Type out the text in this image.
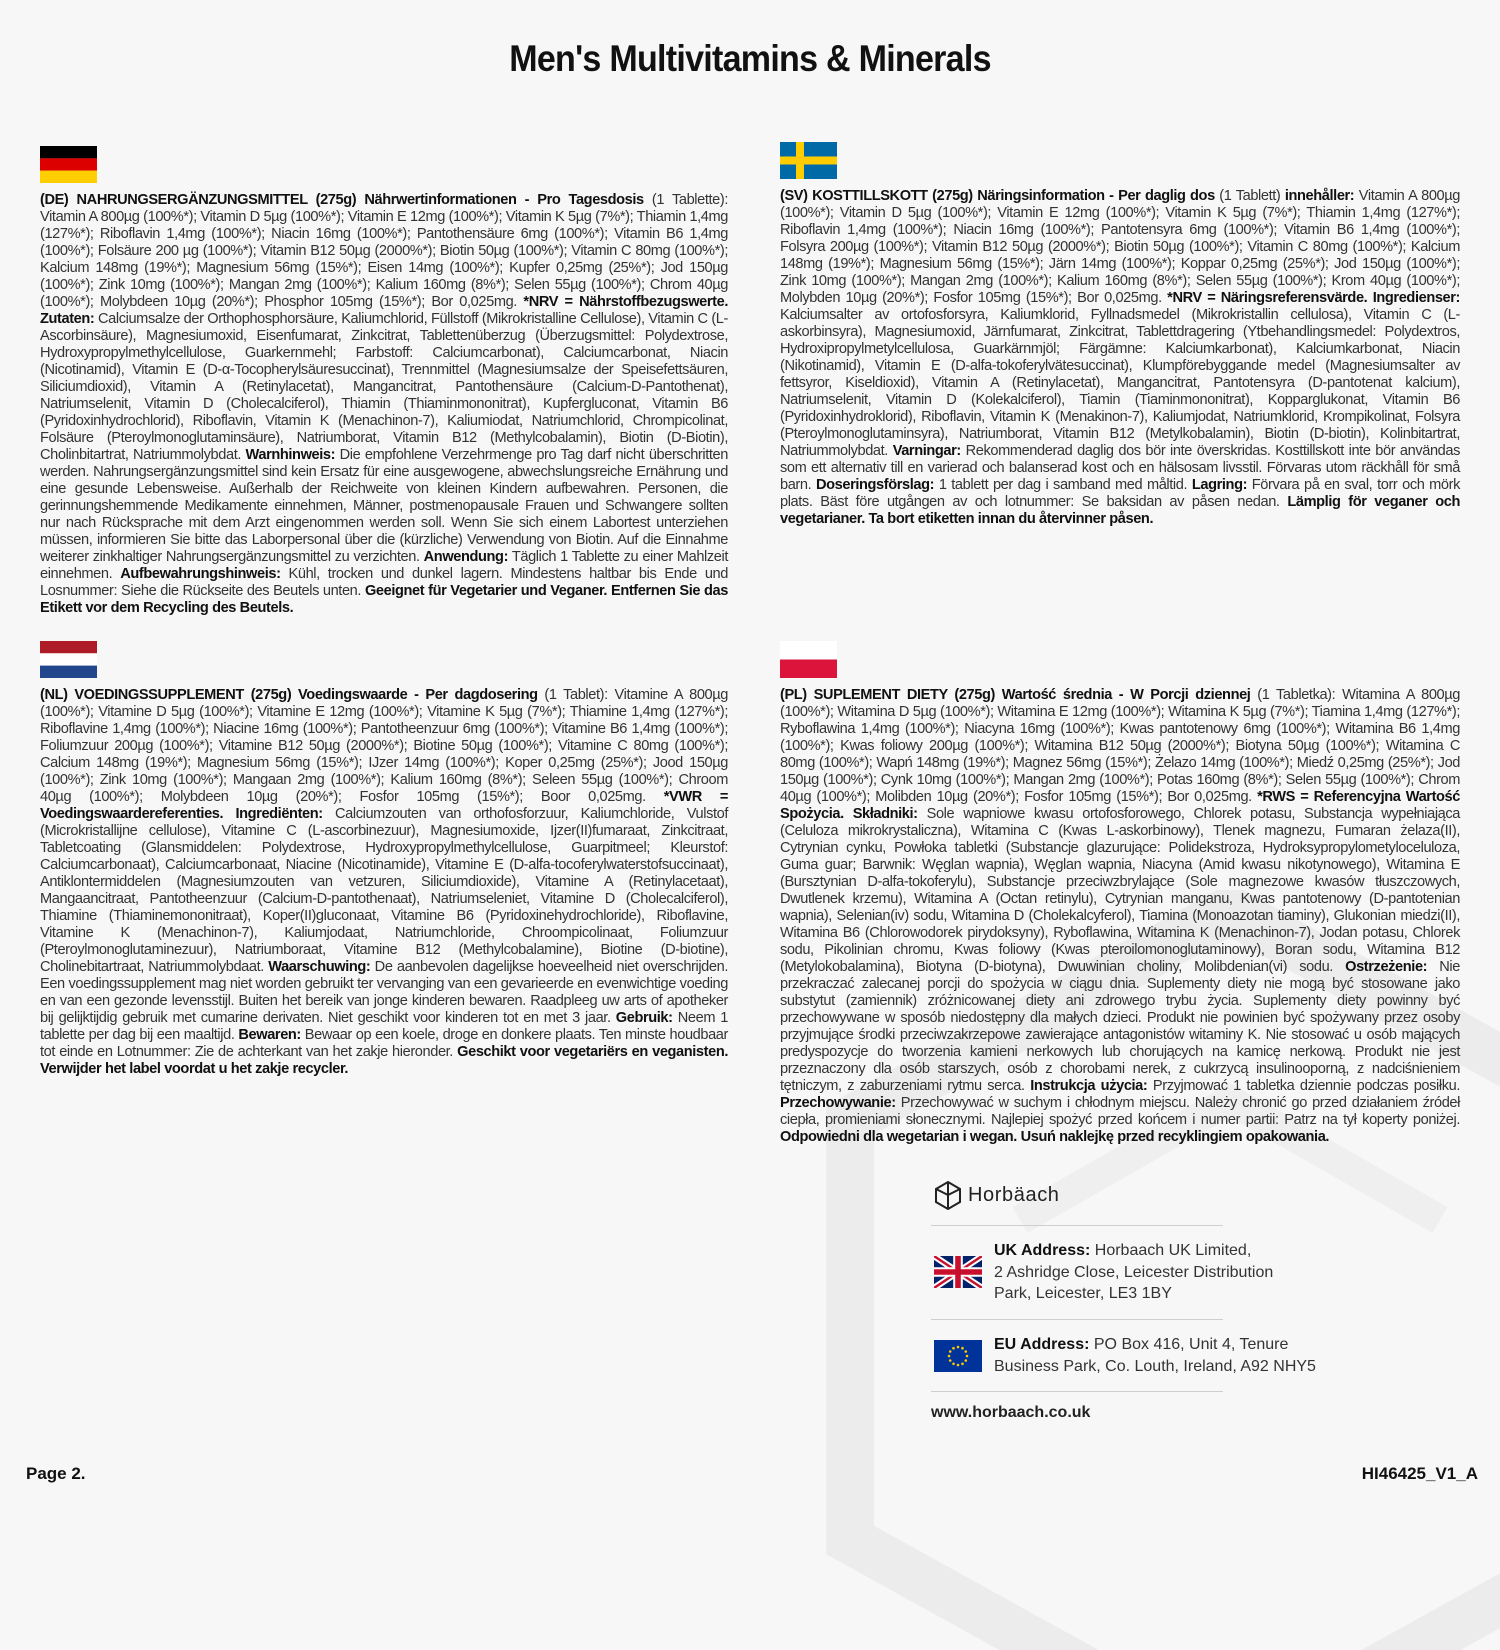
Men's Multivitamins & Minerals
(DE) NAHRUNGSERGÄNZUNGSMITTEL (275g) Nährwertinformationen - Pro Tagesdosis (1 Tablette): Vitamin A 800µg (100%*); Vitamin D 5µg (100%*); Vitamin E 12mg (100%*); Vitamin K 5µg (7%*); Thiamin 1,4mg (127%*); Riboflavin 1,4mg (100%*); Niacin 16mg (100%*); Pantothensäure 6mg (100%*); Vitamin B6 1,4mg (100%*); Folsäure 200 µg (100%*); Vitamin B12 50µg (2000%*); Biotin 50µg (100%*); Vitamin C 80mg (100%*); Kalcium 148mg (19%*); Magnesium 56mg (15%*); Eisen 14mg (100%*); Kupfer 0,25mg (25%*); Jod 150µg (100%*); Zink 10mg (100%*); Mangan 2mg (100%*); Kalium 160mg (8%*); Selen 55µg (100%*); Chrom 40µg (100%*); Molybdeen 10µg (20%*); Phosphor 105mg (15%*); Bor 0,025mg. *NRV = Nährstoffbezugswerte. Zutaten: Calciumsalze der Orthophosphorsäure, Kaliumchlorid, Füllstoff (Mikrokristalline Cellulose), Vitamin C (L-Ascorbinsäure), Magnesiumoxid, Eisenfumarat, Zinkcitrat, Tablettenüberzug (Überzugsmittel: Polydextrose, Hydroxypropylmethylcellulose, Guarkernmehl; Farbstoff: Calciumcarbonat), Calciumcarbonat, Niacin (Nicotinamid), Vitamin E (D-α-Tocopherylsäuresuccinat), Trennmittel (Magnesiumsalze der Speisefettsäuren, Siliciumdioxid), Vitamin A (Retinylacetat), Mangancitrat, Pantothensäure (Calcium-D-Pantothenat), Natriumselenit, Vitamin D (Cholecalciferol), Thiamin (Thiaminmononitrat), Kupfergluconat, Vitamin B6 (Pyridoxinhydrochlorid), Riboflavin, Vitamin K (Menachinon-7), Kaliumiodat, Natriumchlorid, Chrompicolinat, Folsäure (Pteroylmonoglutaminsäure), Natriumborat, Vitamin B12 (Methylcobalamin), Biotin (D-Biotin), Cholinbitartrat, Natriummolybdat. Warnhinweis: Die empfohlene Verzehrmenge pro Tag darf nicht überschritten werden. Nahrungsergänzungsmittel sind kein Ersatz für eine ausgewogene, abwechslungsreiche Ernährung und eine gesunde Lebensweise. Außerhalb der Reichweite von kleinen Kindern aufbewahren. Personen, die gerinnungshemmende Medikamente einnehmen, Männer, postmenopausale Frauen und Schwangere sollten nur nach Rücksprache mit dem Arzt eingenommen werden soll. Wenn Sie sich einem Labortest unterziehen müssen, informieren Sie bitte das Laborpersonal über die (kürzliche) Verwendung von Biotin. Auf die Einnahme weiterer zinkhaltiger Nahrungsergänzungsmittel zu verzichten. Anwendung: Täglich 1 Tablette zu einer Mahlzeit einnehmen. Aufbewahrungshinweis: Kühl, trocken und dunkel lagern. Mindestens haltbar bis Ende und Losnummer: Siehe die Rückseite des Beutels unten. Geeignet für Vegetarier und Veganer. Entfernen Sie das Etikett vor dem Recycling des Beutels.
(SV) KOSTTILLSKOTT (275g) Näringsinformation - Per daglig dos (1 Tablett) innehåller: Vitamin A 800µg (100%*); Vitamin D 5µg (100%*); Vitamin E 12mg (100%*); Vitamin K 5µg (7%*); Thiamin 1,4mg (127%*); Riboflavin 1,4mg (100%*); Niacin 16mg (100%*); Pantotensyra 6mg (100%*); Vitamin B6 1,4mg (100%*); Folsyra 200µg (100%*); Vitamin B12 50µg (2000%*); Biotin 50µg (100%*); Vitamin C 80mg (100%*); Kalcium 148mg (19%*); Magnesium 56mg (15%*); Järn 14mg (100%*); Koppar 0,25mg (25%*); Jod 150µg (100%*); Zink 10mg (100%*); Mangan 2mg (100%*); Kalium 160mg (8%*); Selen 55µg (100%*); Krom 40µg (100%*); Molybden 10µg (20%*); Fosfor 105mg (15%*); Bor 0,025mg. *NRV = Näringsreferensvärde. Ingredienser: Kalciumsalter av ortofosforsyra, Kaliumklorid, Fyllnadsmedel (Mikrokristallin cellulosa), Vitamin C (L-askorbinsyra), Magnesiumoxid, Järnfumarat, Zinkcitrat, Tablettdragering (Ytbehandlingsmedel: Polydextros, Hydroxipropylmetylcellulosa, Guarkärnmjöl; Färgämne: Kalciumkarbonat), Kalciumkarbonat, Niacin (Nikotinamid), Vitamin E (D-alfa-tokoferylvätesuccinat), Klumpförebyggande medel (Magnesiumsalter av fettsyror, Kiseldioxid), Vitamin A (Retinylacetat), Mangancitrat, Pantotensyra (D-pantotenat kalcium), Natriumselenit, Vitamin D (Kolekalciferol), Tiamin (Tiaminmononitrat), Kopparglukonat, Vitamin B6 (Pyridoxinhydroklorid), Riboflavin, Vitamin K (Menakinon-7), Kaliumjodat, Natriumklorid, Krompikolinat, Folsyra (Pteroylmonoglutaminsyra), Natriumborat, Vitamin B12 (Metylkobalamin), Biotin (D-biotin), Kolinbitartrat, Natriummolybdat. Varningar: Rekommenderad daglig dos bör inte överskridas. Kosttillskott inte bör användas som ett alternativ till en varierad och balanserad kost och en hälsosam livsstil. Förvaras utom räckhåll för små barn. Doseringsförslag: 1 tablett per dag i samband med måltid. Lagring: Förvara på en sval, torr och mörk plats. Bäst före utgången av och lotnummer: Se baksidan av påsen nedan. Lämplig för veganer och vegetarianer. Ta bort etiketten innan du återvinner påsen.
(NL) VOEDINGSSUPPLEMENT (275g) Voedingswaarde - Per dagdosering (1 Tablet): Vitamine A 800µg (100%*); Vitamine D 5µg (100%*); Vitamine E 12mg (100%*); Vitamine K 5µg (7%*); Thiamine 1,4mg (127%*); Riboflavine 1,4mg (100%*); Niacine 16mg (100%*); Pantotheenzuur 6mg (100%*); Vitamine B6 1,4mg (100%*); Foliumzuur 200µg (100%*); Vitamine B12 50µg (2000%*); Biotine 50µg (100%*); Vitamine C 80mg (100%*); Calcium 148mg (19%*); Magnesium 56mg (15%*); IJzer 14mg (100%*); Koper 0,25mg (25%*); Jood 150µg (100%*); Zink 10mg (100%*); Mangaan 2mg (100%*); Kalium 160mg (8%*); Seleen 55µg (100%*); Chroom 40µg (100%*); Molybdeen 10µg (20%*); Fosfor 105mg (15%*); Boor 0,025mg. *VWR = Voedingswaardereferenties. Ingrediënten: Calciumzouten van orthofosforzuur, Kaliumchloride, Vulstof (Microkristallijne cellulose), Vitamine C (L-ascorbinezuur), Magnesiumoxide, Ijzer(II)fumaraat, Zinkcitraat, Tabletcoating (Glansmiddelen: Polydextrose, Hydroxypropylmethylcellulose, Guarpitmeel; Kleurstof: Calciumcarbonaat), Calciumcarbonaat, Niacine (Nicotinamide), Vitamine E (D-alfa-tocoferylwaterstofsuccinaat), Antiklontermiddelen (Magnesiumzouten van vetzuren, Siliciumdioxide), Vitamine A (Retinylacetaat), Mangaancitraat, Pantotheenzuur (Calcium-D-pantothenaat), Natriumseleniet, Vitamine D (Cholecalciferol), Thiamine (Thiaminemononitraat), Koper(II)gluconaat, Vitamine B6 (Pyridoxinehydrochloride), Riboflavine, Vitamine K (Menachinon-7), Kaliumjodaat, Natriumchloride, Chroompicolinaat, Foliumzuur (Pteroylmonoglutaminezuur), Natriumboraat, Vitamine B12 (Methylcobalamine), Biotine (D-biotine), Cholinebitartraat, Natriummolybdaat. Waarschuwing: De aanbevolen dagelijkse hoeveelheid niet overschrijden. Een voedingssupplement mag niet worden gebruikt ter vervanging van een gevarieerde en evenwichtige voeding en van een gezonde levensstijl. Buiten het bereik van jonge kinderen bewaren. Raadpleeg uw arts of apotheker bij gelijktijdig gebruik met cumarine derivaten. Niet geschikt voor kinderen tot en met 3 jaar. Gebruik: Neem 1 tablette per dag bij een maaltijd. Bewaren: Bewaar op een koele, droge en donkere plaats. Ten minste houdbaar tot einde en Lotnummer: Zie de achterkant van het zakje hieronder. Geschikt voor vegetariërs en veganisten. Verwijder het label voordat u het zakje recycler.
(PL) SUPLEMENT DIETY (275g) Wartość średnia - W Porcji dziennej (1 Tabletka): Witamina A 800µg (100%*); Witamina D 5µg (100%*); Witamina E 12mg (100%*); Witamina K 5µg (7%*); Tiamina 1,4mg (127%*); Ryboflawina 1,4mg (100%*); Niacyna 16mg (100%*); Kwas pantotenowy 6mg (100%*); Witamina B6 1,4mg (100%*); Kwas foliowy 200µg (100%*); Witamina B12 50µg (2000%*); Biotyna 50µg (100%*); Witamina C 80mg (100%*); Wapń 148mg (19%*); Magnez 56mg (15%*); Żelazo 14mg (100%*); Miedź 0,25mg (25%*); Jod 150µg (100%*); Cynk 10mg (100%*); Mangan 2mg (100%*); Potas 160mg (8%*); Selen 55µg (100%*); Chrom 40µg (100%*); Molibden 10µg (20%*); Fosfor 105mg (15%*); Bor 0,025mg. *RWS = Referencyjna Wartość Spożycia. Składniki: Sole wapniowe kwasu ortofosforowego, Chlorek potasu, Substancja wypełniająca (Celuloza mikrokrystaliczna), Witamina C (Kwas L-askorbinowy), Tlenek magnezu, Fumaran żelaza(II), Cytrynian cynku, Powłoka tabletki (Substancje glazurujące: Polidekstroza, Hydroksypropylometyloceluloza, Guma guar; Barwnik: Węglan wapnia), Węglan wapnia, Niacyna (Amid kwasu nikotynowego), Witamina E (Bursztynian D-alfa-tokoferylu), Substancje przeciwzbrylające (Sole magnezowe kwasów tłuszczowych, Dwutlenek krzemu), Witamina A (Octan retinylu), Cytrynian manganu, Kwas pantotenowy (D-pantotenian wapnia), Selenian(iv) sodu, Witamina D (Cholekalcyferol), Tiamina (Monoazotan tiaminy), Glukonian miedzi(II), Witamina B6 (Chlorowodorek pirydoksyny), Ryboflawina, Witamina K (Menachinon-7), Jodan potasu, Chlorek sodu, Pikolinian chromu, Kwas foliowy (Kwas pteroilomonoglutaminowy), Boran sodu, Witamina B12 (Metylokobalamina), Biotyna (D-biotyna), Dwuwinian choliny, Molibdenian(vi) sodu. Ostrzeżenie: Nie przekraczać zalecanej porcji do spożycia w ciągu dnia. Suplementy diety nie mogą być stosowane jako substytut (zamiennik) zróżnicowanej diety ani zdrowego trybu życia. Suplementy diety powinny być przechowywane w sposób niedostępny dla małych dzieci. Produkt nie powinien być spożywany przez osoby przyjmujące środki przeciwzakrzepowe zawierające antagonistów witaminy K. Nie stosować u osób mających predyspozycje do tworzenia kamieni nerkowych lub chorujących na kamicę nerkową. Produkt nie jest przeznaczony dla osób starszych, osób z chorobami nerek, z cukrzycą insulinooporną, z nadciśnieniem tętniczym, z zaburzeniami rytmu serca. Instrukcja użycia: Przyjmować 1 tabletka dziennie podczas posiłku. Przechowywanie: Przechowywać w suchym i chłodnym miejscu. Należy chronić go przed działaniem źródeł ciepła, promieniami słonecznymi. Najlepiej spożyć przed końcem i numer partii: Patrz na tył koperty poniżej. Odpowiedni dla wegetarian i wegan. Usuń naklejkę przed recyklingiem opakowania.
Horbäach
UK Address: Horbaach UK Limited,
2 Ashridge Close, Leicester Distribution
Park, Leicester, LE3 1BY
EU Address: PO Box 416, Unit 4, Tenure
Business Park, Co. Louth, Ireland, A92 NHY5
www.horbaach.co.uk
Page 2.	HI46425_V1_A
